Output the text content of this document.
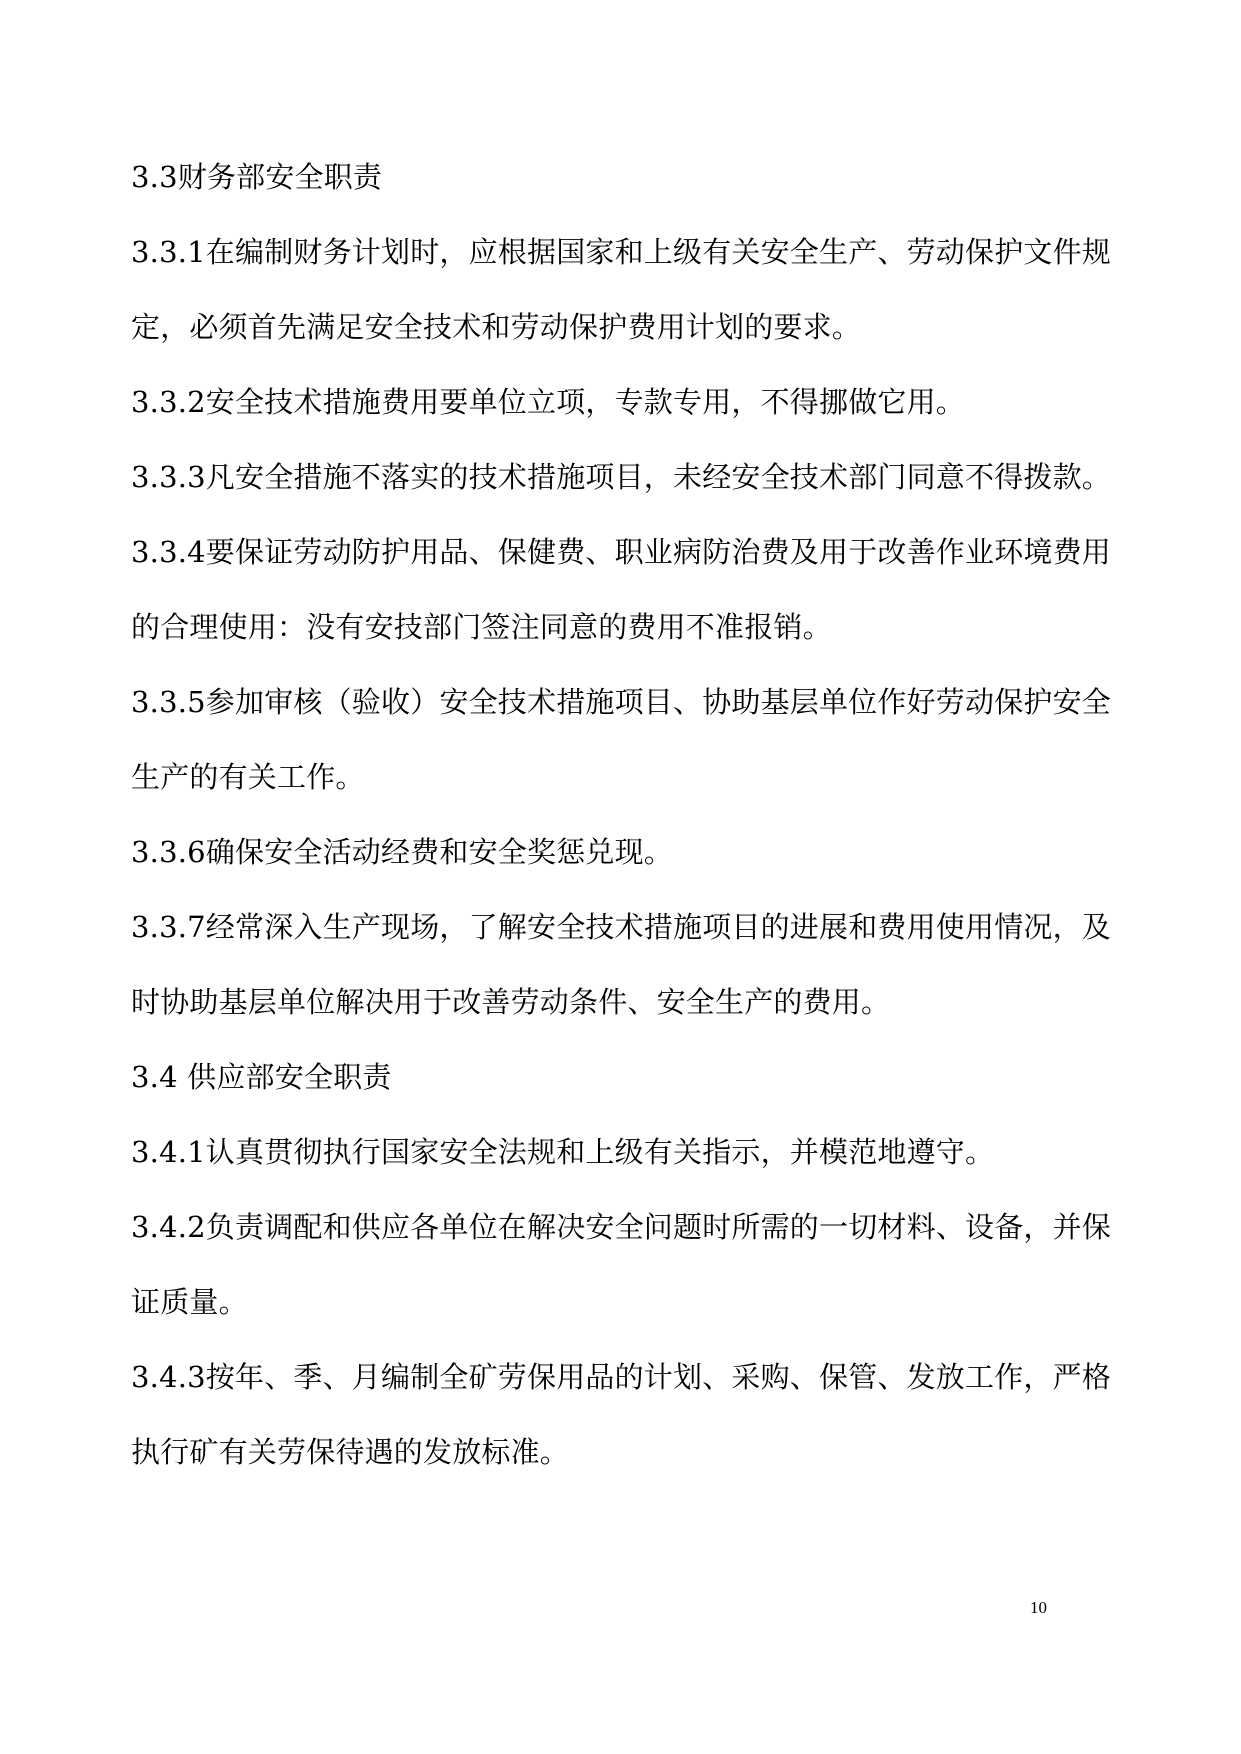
3.3财务部安全职责
3.3.1在编制财务计划时，应根据国家和上级有关安全生产、劳动保护文件规
定，必须首先满足安全技术和劳动保护费用计划的要求。
3.3.2安全技术措施费用要单位立项，专款专用，不得挪做它用。
3.3.3凡安全措施不落实的技术措施项目，未经安全技术部门同意不得拨款。
3.3.4要保证劳动防护用品、保健费、职业病防治费及用于改善作业环境费用
的合理使用：没有安技部门签注同意的费用不准报销。
3.3.5参加审核（验收）安全技术措施项目、协助基层单位作好劳动保护安全
生产的有关工作。
3.3.6确保安全活动经费和安全奖惩兑现。
3.3.7经常深入生产现场，了解安全技术措施项目的进展和费用使用情况，及
时协助基层单位解决用于改善劳动条件、安全生产的费用。
3.4 供应部安全职责
3.4.1认真贯彻执行国家安全法规和上级有关指示，并模范地遵守。
3.4.2负责调配和供应各单位在解决安全问题时所需的一切材料、设备，并保
证质量。
3.4.3按年、季、月编制全矿劳保用品的计划、采购、保管、发放工作，严格
执行矿有关劳保待遇的发放标准。
10
